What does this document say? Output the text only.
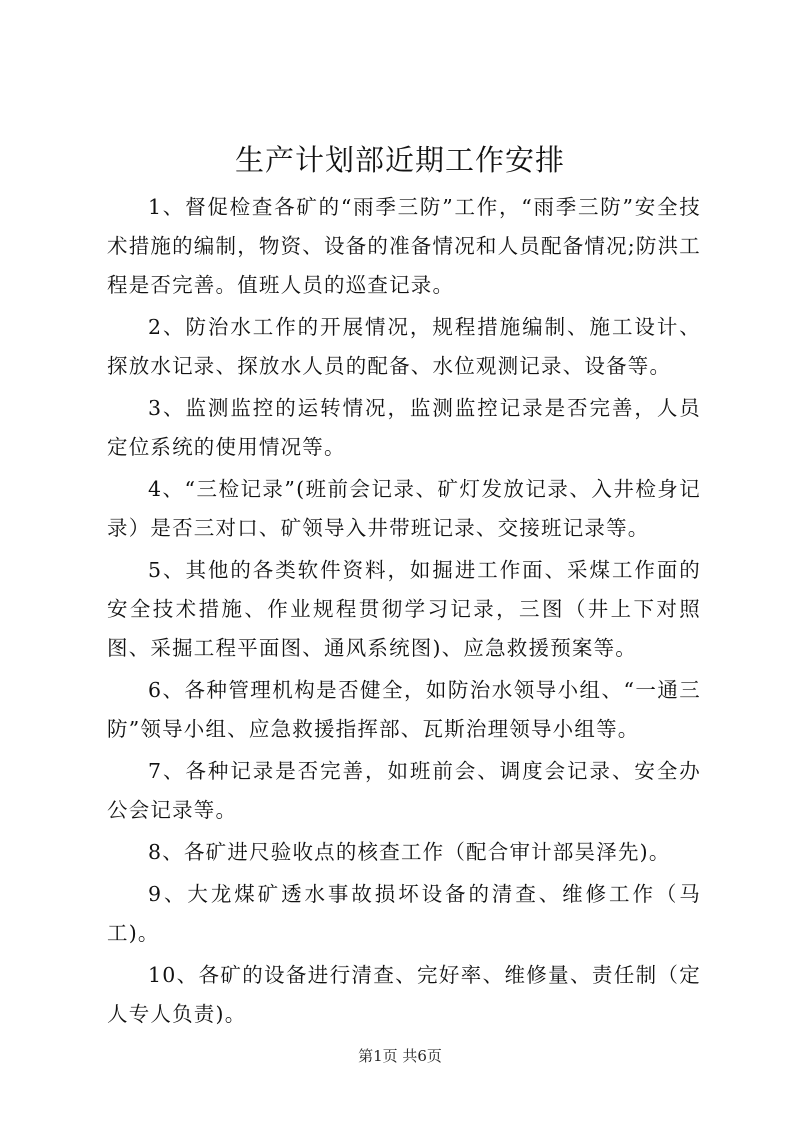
生产计划部近期工作安排

1、督促检查各矿的“雨季三防”工作，“雨季三防”安全技术措施的编制，物资、设备的准备情况和人员配备情况;防洪工程是否完善。值班人员的巡查记录。

2、防治水工作的开展情况，规程措施编制、施工设计、探放水记录、探放水人员的配备、水位观测记录、设备等。

3、监测监控的运转情况，监测监控记录是否完善，人员定位系统的使用情况等。

4、“三检记录”(班前会记录、矿灯发放记录、入井检身记录）是否三对口、矿领导入井带班记录、交接班记录等。

5、其他的各类软件资料，如掘进工作面、采煤工作面的安全技术措施、作业规程贯彻学习记录，三图（井上下对照图、采掘工程平面图、通风系统图)、应急救援预案等。

6、各种管理机构是否健全，如防治水领导小组、“一通三防”领导小组、应急救援指挥部、瓦斯治理领导小组等。

7、各种记录是否完善，如班前会、调度会记录、安全办公会记录等。

8、各矿进尺验收点的核查工作（配合审计部吴泽先)。

9、大龙煤矿透水事故损坏设备的清查、维修工作（马工)。

10、各矿的设备进行清查、完好率、维修量、责任制（定人专人负责)。

第1页 共6页
